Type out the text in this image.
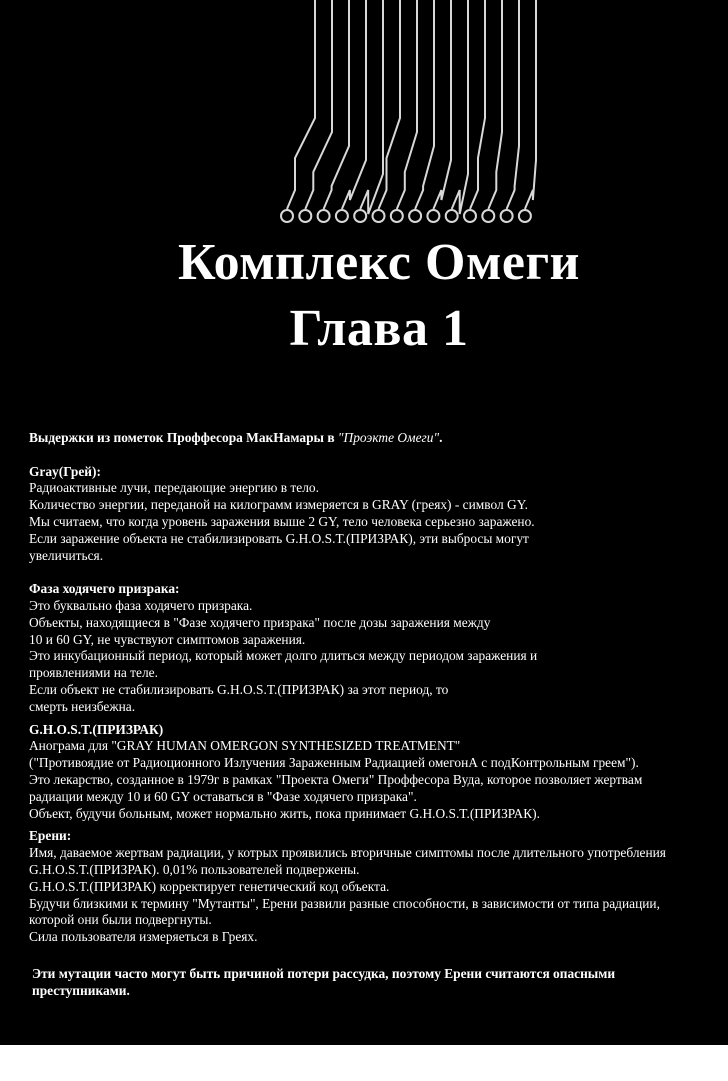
Комплекс Омеги
Глава 1

Выдержки из пометок Проффесора МакНамары в "Проэкте Омеги".

Gray(Грей):

Радиоактивные лучи, передающие энергию в тело.

Количество энергии, переданой на килограмм измеряется в GRAY (греях) - символ GY.

Мы считаем, что когда уровень заражения выше 2 GY, тело человека серьезно заражено.

Если заражение объекта не стабилизировать G.H.O.S.T.(ПРИЗРАК), эти выбросы могут

увеличиться.

Фаза ходячего призрака:

Это буквально фаза ходячего призрака.

Объекты, находящиеся в "Фазе ходячего призрака" после дозы заражения между

10 и 60 GY, не чувствуют симптомов заражения.

Это инкубационный период, который может долго длиться между периодом заражения и

проявлениями на теле.

Если объект не стабилизировать G.H.O.S.T.(ПРИЗРАК) за этот период, то

смерть неизбежна.

G.H.O.S.T.(ПРИЗРАК)

Анограма для "GRAY HUMAN OMERGON SYNTHESIZED TREATMENT"

("Противоядие от Радиоционного Излучения Зараженным Радиацией омегонА с подКонтрольным греем").

Это лекарство, созданное в 1979г в рамках "Проекта Омеги" Проффесора Вуда, которое позволяет жертвам

радиации между 10 и 60 GY оставаться в "Фазе ходячего призрака".

Объект, будучи больным, может нормально жить, пока принимает G.H.O.S.T.(ПРИЗРАК).

Ерени:

Имя, даваемое жертвам радиации, у котрых проявились вторичные симптомы после длительного употребления

G.H.O.S.T.(ПРИЗРАК). 0,01% пользователей подвержены.

G.H.O.S.T.(ПРИЗРАК) корректирует генетический код объекта.

Будучи близкими к термину "Мутанты", Ерени развили разные способности, в зависимости от типа радиации,

которой они были подвергнуты.

Сила пользователя измеряеться в Греях.

Эти мутации часто могут быть причиной потери рассудка, поэтому Ерени считаются опасными

преступниками.
